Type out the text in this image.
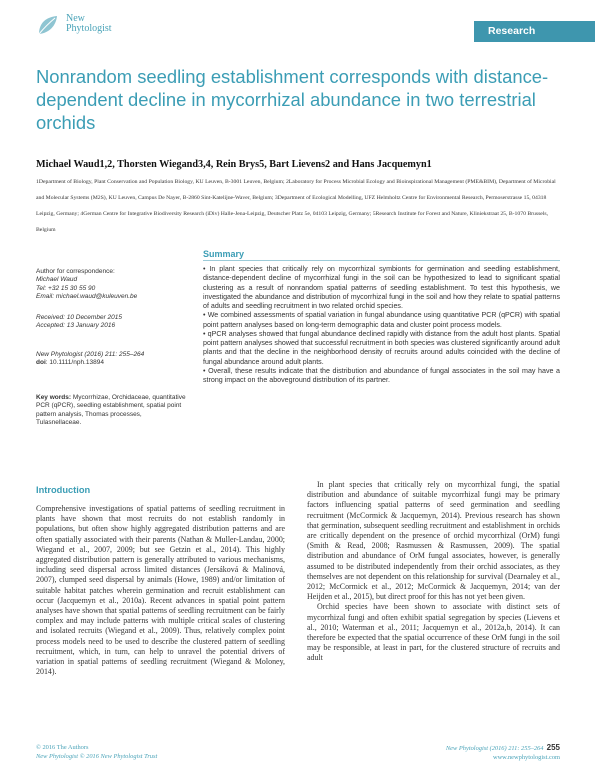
New
Phytologist	Research
Nonrandom seedling establishment corresponds with distance-dependent decline in mycorrhizal abundance in two terrestrial orchids
Michael Waud1,2, Thorsten Wiegand3,4, Rein Brys5, Bart Lievens2 and Hans Jacquemyn1
1Department of Biology, Plant Conservation and Population Biology, KU Leuven, B-3001 Leuven, Belgium; 2Laboratory for Process Microbial Ecology and Bioinspirational Management (PME&BIM), Department of Microbial and Molecular Systems (M2S), KU Leuven, Campus De Nayer, B-2860 Sint-Katelijne-Waver, Belgium; 3Department of Ecological Modelling, UFZ Helmholtz Centre for Environmental Research, Permoserstrasse 15, 04318 Leipzig, Germany; 4German Centre for Integrative Biodiversity Research (iDiv) Halle-Jena-Leipzig, Deutscher Platz 5e, 04103 Leipzig, Germany; 5Research Institute for Forest and Nature, Kliniekstraat 25, B-1070 Brussels, Belgium
Author for correspondence:
Michael Waud
Tel: +32 15 30 55 90
Email: michael.waud@kuleuven.be
Received: 10 December 2015
Accepted: 13 January 2016
New Phytologist (2016) 211: 255–264
doi: 10.1111/nph.13894
Key words: Mycorrhizae, Orchidaceae, quantitative PCR (qPCR), seedling establishment, spatial point pattern analysis, Thomas processes, Tulasnellaceae.
Summary

• In plant species that critically rely on mycorrhizal symbionts for germination and seedling establishment, distance-dependent decline of mycorrhizal fungi in the soil can be hypothesized to lead to significant spatial clustering as a result of nonrandom spatial patterns of seedling establishment. To test this hypothesis, we investigated the abundance and distribution of mycorrhizal fungi in the soil and how they relate to spatial patterns of adults and seedling recruitment in two related orchid species.

• We combined assessments of spatial variation in fungal abundance using quantitative PCR (qPCR) with spatial point pattern analyses based on long-term demographic data and cluster point process models.

• qPCR analyses showed that fungal abundance declined rapidly with distance from the adult host plants. Spatial point pattern analyses showed that successful recruitment in both species was clustered significantly around adult plants and that the decline in the neighborhood density of recruits around adults coincided with the decline of fungal abundance around adult plants.

• Overall, these results indicate that the distribution and abundance of fungal associates in the soil may have a strong impact on the aboveground distribution of its partner.

Introduction

Comprehensive investigations of spatial patterns of seedling recruitment in plants have shown that most recruits do not establish randomly in populations, but often show highly aggregated distribution patterns and are often spatially associated with their parents (Nathan & Muller-Landau, 2000; Wiegand et al., 2007, 2009; but see Getzin et al., 2014). This highly aggregated distribution pattern is generally attributed to various mechanisms, including seed dispersal across limited distances (Jersáková & Malinová, 2007), clumped seed dispersal by animals (Howe, 1989) and/or limitation of suitable habitat patches wherein germination and recruit establishment can occur (Jacquemyn et al., 2010a). Recent advances in spatial point pattern analyses have shown that spatial patterns of seedling recruitment can be fairly complex and may include patterns with multiple critical scales of clustering and isolated recruits (Wiegand et al., 2009). Thus, relatively complex point process models need to be used to describe the clustered pattern of seedling recruitment, which, in turn, can help to unravel the potential drivers of variation in spatial patterns of seedling recruitment (Wiegand & Moloney, 2014).

In plant species that critically rely on mycorrhizal fungi, the spatial distribution and abundance of suitable mycorrhizal fungi may be primary factors influencing spatial patterns of seed germination and seedling recruitment (McCormick & Jacquemyn, 2014). Previous research has shown that germination, subsequent seedling recruitment and establishment in orchids are critically dependent on the presence of orchid mycorrhizal (OrM) fungi (Smith & Read, 2008; Rasmussen & Rasmussen, 2009). The spatial distribution and abundance of OrM fungal associates, however, is generally assumed to be distributed independently from their orchid associates, as they themselves are not dependent on this relationship for survival (Dearnaley et al., 2012; McCormick et al., 2012; McCormick & Jacquemyn, 2014; van der Heijden et al., 2015), but direct proof for this has not yet been given.

Orchid species have been shown to associate with distinct sets of mycorrhizal fungi and often exhibit spatial segregation by species (Lievens et al., 2010; Waterman et al., 2011; Jacquemyn et al., 2012a,b, 2014). It can therefore be expected that the spatial occurrence of these OrM fungi in the soil may be responsible, at least in part, for the clustered structure of recruits and adult

© 2016 The Authors
New Phytologist © 2016 New Phytologist Trust
New Phytologist (2016) 211: 255–264 255
www.newphytologist.com
